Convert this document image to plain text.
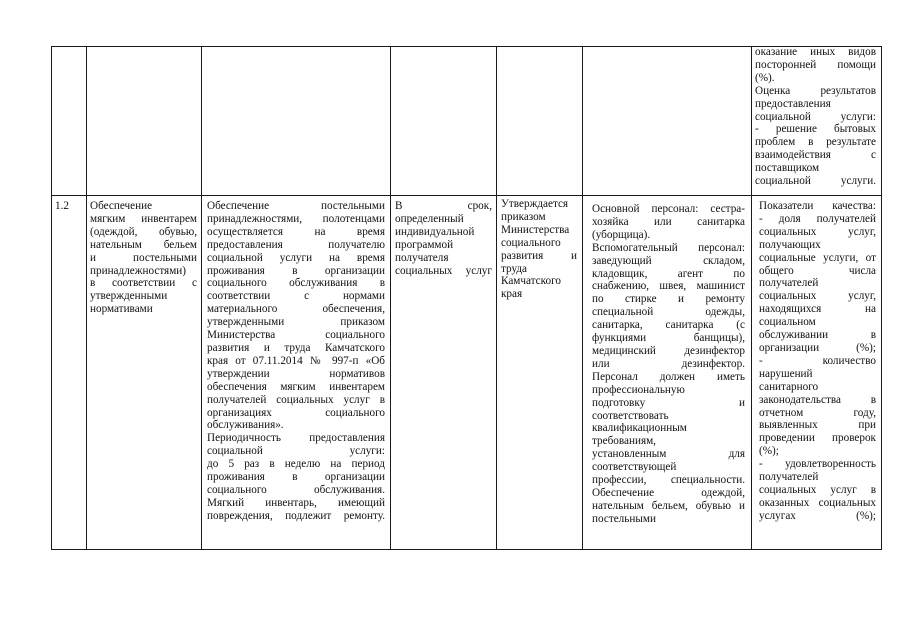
оказание иных видов

посторонней помощи

(%).

Оценка результатов

предоставления

социальной услуги:

- решение бытовых

проблем в результате

взаимодействия с

поставщиком

социальной услуги.

1.2	Обеспечение

мягким инвентарем

(одеждой, обувью,

нательным бельем

и постельными

принадлежностями)

в соответствии с

утвержденными

нормативами

Обеспечение постельными

принадлежностями, полотенцами

осуществляется на время

предоставления получателю

социальной услуги на время

проживания в организации

социального обслуживания в

соответствии с нормами

материального обеспечения,

утвержденными приказом

Министерства социального

развития и труда Камчатского

края от 07.11.2014 № 997-п «Об

утверждении нормативов

обеспечения мягким инвентарем

получателей социальных услуг в

организациях социального

обслуживания».

Периодичность предоставления

социальной услуги:

до 5 раз в неделю на период

проживания в организации

социального обслуживания.

Мягкий инвентарь, имеющий

повреждения, подлежит ремонту.

В срок,

определенный

индивидуальной

программой

получателя

социальных услуг

Утверждается

приказом

Министерства

социального

развития и

труда

Камчатского

края

Основной персонал: сестра-

хозяйка или санитарка

(уборщица).

Вспомогательный персонал:

заведующий складом,

кладовщик, агент по

снабжению, швея, машинист

по стирке и ремонту

специальной одежды,

санитарка, санитарка (с

функциями банщицы),

медицинский дезинфектор

или дезинфектор.

Персонал должен иметь

профессиональную

подготовку и

соответствовать

квалификационным

требованиям,

установленным для

соответствующей

профессии, специальности.

Обеспечение одеждой,

нательным бельем, обувью и

постельными

Показатели качества:

- доля получателей

социальных услуг,

получающих

социальные услуги, от

общего числа

получателей

социальных услуг,

находящихся на

социальном

обслуживании в

организации (%);

- количество

нарушений

санитарного

законодательства в

отчетном году,

выявленных при

проведении проверок

(%);

- удовлетворенность

получателей

социальных услуг в

оказанных социальных

услугах (%);
